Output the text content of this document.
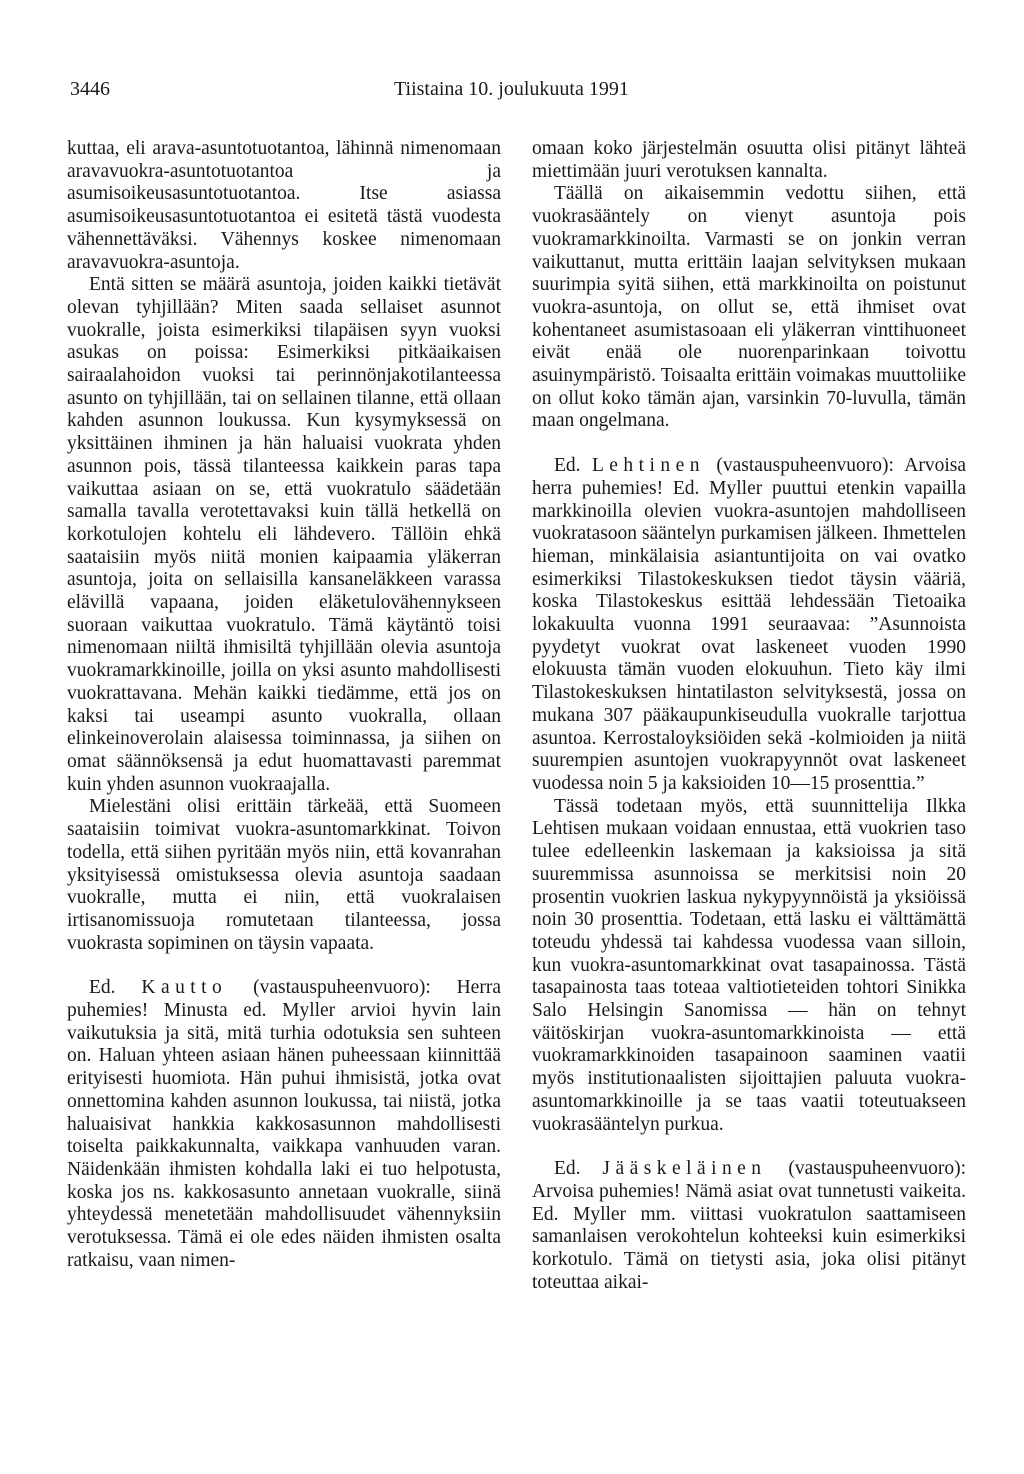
3446	Tiistaina 10. joulukuuta 1991

kuttaa, eli arava-asuntotuotantoa, lähinnä nimenomaan aravavuokra-asuntotuotantoa ja asumisoikeusasuntotuotantoa. Itse asiassa asumisoikeusasuntotuotantoa ei esitetä tästä vuodesta vähennettäväksi. Vähennys koskee nimenomaan aravavuokra-asuntoja.

Entä sitten se määrä asuntoja, joiden kaikki tietävät olevan tyhjillään? Miten saada sellaiset asunnot vuokralle, joista esimerkiksi tilapäisen syyn vuoksi asukas on poissa: Esimerkiksi pitkäaikaisen sairaalahoidon vuoksi tai perinnönjakotilanteessa asunto on tyhjillään, tai on sellainen tilanne, että ollaan kahden asunnon loukussa. Kun kysymyksessä on yksittäinen ihminen ja hän haluaisi vuokrata yhden asunnon pois, tässä tilanteessa kaikkein paras tapa vaikuttaa asiaan on se, että vuokratulo säädetään samalla tavalla verotettavaksi kuin tällä hetkellä on korkotulojen kohtelu eli lähdevero. Tällöin ehkä saataisiin myös niitä monien kaipaamia yläkerran asuntoja, joita on sellaisilla kansaneläkkeen varassa elävillä vapaana, joiden eläketulovähennykseen suoraan vaikuttaa vuokratulo. Tämä käytäntö toisi nimenomaan niiltä ihmisiltä tyhjillään olevia asuntoja vuokramarkkinoille, joilla on yksi asunto mahdollisesti vuokrattavana. Mehän kaikki tiedämme, että jos on kaksi tai useampi asunto vuokralla, ollaan elinkeinoverolain alaisessa toiminnassa, ja siihen on omat säännöksensä ja edut huomattavasti paremmat kuin yhden asunnon vuokraajalla.

Mielestäni olisi erittäin tärkeää, että Suomeen saataisiin toimivat vuokra-asuntomarkkinat. Toivon todella, että siihen pyritään myös niin, että kovanrahan yksityisessä omistuksessa olevia asuntoja saadaan vuokralle, mutta ei niin, että vuokralaisen irtisanomissuoja romutetaan tilanteessa, jossa vuokrasta sopiminen on täysin vapaata.

Ed. Kautto (vastauspuheenvuoro): Herra puhemies! Minusta ed. Myller arvioi hyvin lain vaikutuksia ja sitä, mitä turhia odotuksia sen suhteen on. Haluan yhteen asiaan hänen puheessaan kiinnittää erityisesti huomiota. Hän puhui ihmisistä, jotka ovat onnettomina kahden asunnon loukussa, tai niistä, jotka haluaisivat hankkia kakkosasunnon mahdollisesti toiselta paikkakunnalta, vaikkapa vanhuuden varan. Näidenkään ihmisten kohdalla laki ei tuo helpotusta, koska jos ns. kakkosasunto annetaan vuokralle, siinä yhteydessä menetetään mahdollisuudet vähennyksiin verotuksessa. Tämä ei ole edes näiden ihmisten osalta ratkaisu, vaan nimen-

omaan koko järjestelmän osuutta olisi pitänyt lähteä miettimään juuri verotuksen kannalta.

Täällä on aikaisemmin vedottu siihen, että vuokrasääntely on vienyt asuntoja pois vuokramarkkinoilta. Varmasti se on jonkin verran vaikuttanut, mutta erittäin laajan selvityksen mukaan suurimpia syitä siihen, että markkinoilta on poistunut vuokra-asuntoja, on ollut se, että ihmiset ovat kohentaneet asumistasoaan eli yläkerran vinttihuoneet eivät enää ole nuorenparinkaan toivottu asuinympäristö. Toisaalta erittäin voimakas muuttoliike on ollut koko tämän ajan, varsinkin 70-luvulla, tämän maan ongelmana.

Ed. Lehtinen (vastauspuheenvuoro): Arvoisa herra puhemies! Ed. Myller puuttui etenkin vapailla markkinoilla olevien vuokra-asuntojen mahdolliseen vuokratasoon sääntelyn purkamisen jälkeen. Ihmettelen hieman, minkälaisia asiantuntijoita on vai ovatko esimerkiksi Tilastokeskuksen tiedot täysin vääriä, koska Tilastokeskus esittää lehdessään Tietoaika lokakuulta vuonna 1991 seuraavaa: ”Asunnoista pyydetyt vuokrat ovat laskeneet vuoden 1990 elokuusta tämän vuoden elokuuhun. Tieto käy ilmi Tilastokeskuksen hintatilaston selvityksestä, jossa on mukana 307 pääkaupunkiseudulla vuokralle tarjottua asuntoa. Kerrostaloyksiöiden sekä -kolmioiden ja niitä suurempien asuntojen vuokrapyynnöt ovat laskeneet vuodessa noin 5 ja kaksioiden 10—15 prosenttia.”

Tässä todetaan myös, että suunnittelija Ilkka Lehtisen mukaan voidaan ennustaa, että vuokrien taso tulee edelleenkin laskemaan ja kaksioissa ja sitä suuremmissa asunnoissa se merkitsisi noin 20 prosentin vuokrien laskua nykypyynnöistä ja yksiöissä noin 30 prosenttia. Todetaan, että lasku ei välttämättä toteudu yhdessä tai kahdessa vuodessa vaan silloin, kun vuokra-asuntomarkkinat ovat tasapainossa. Tästä tasapainosta taas toteaa valtiotieteiden tohtori Sinikka Salo Helsingin Sanomissa — hän on tehnyt väitöskirjan vuokra-asuntomarkkinoista — että vuokramarkkinoiden tasapainoon saaminen vaatii myös institutionaalisten sijoittajien paluuta vuokra-asuntomarkkinoille ja se taas vaatii toteutuakseen vuokrasääntelyn purkua.

Ed. Jääskeläinen (vastauspuheenvuoro): Arvoisa puhemies! Nämä asiat ovat tunnetusti vaikeita. Ed. Myller mm. viittasi vuokratulon saattamiseen samanlaisen verokohtelun kohteeksi kuin esimerkiksi korkotulo. Tämä on tietysti asia, joka olisi pitänyt toteuttaa aikai-
